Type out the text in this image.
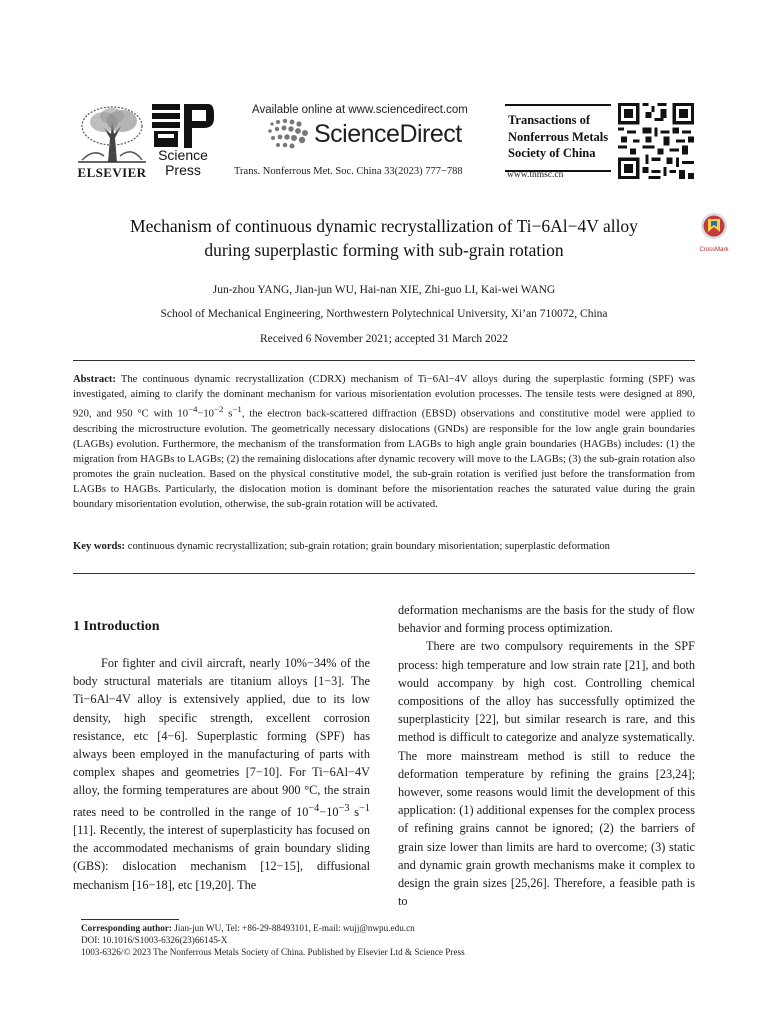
ELSEVIER
Science
Press
Available online at www.sciencedirect.com
ScienceDirect
Trans. Nonferrous Met. Soc. China 33(2023) 777−788
Transactions of
Nonferrous Metals
Society of China
www.tnmsc.cn
Mechanism of continuous dynamic recrystallization of Ti−6Al−4V alloy
during superplastic forming with sub-grain rotation	CrossMark
Jun-zhou YANG, Jian-jun WU, Hai-nan XIE, Zhi-guo LI, Kai-wei WANG
School of Mechanical Engineering, Northwestern Polytechnical University, Xi’an 710072, China
Received 6 November 2021; accepted 31 March 2022
Abstract: The continuous dynamic recrystallization (CDRX) mechanism of Ti−6Al−4V alloys during the superplastic forming (SPF) was investigated, aiming to clarify the dominant mechanism for various misorientation evolution processes. The tensile tests were designed at 890, 920, and 950 °C with $10^{-4}-10^{-2}$ $s^{-1}$, the electron back-scattered diffraction (EBSD) observations and constitutive model were applied to describing the microstructure evolution. The geometrically necessary dislocations (GNDs) are responsible for the low angle grain boundaries (LAGBs) evolution. Furthermore, the mechanism of the transformation from LAGBs to high angle grain boundaries (HAGBs) includes: (1) the migration from HAGBs to LAGBs; (2) the remaining dislocations after dynamic recovery will move to the LAGBs; (3) the sub-grain rotation also promotes the grain nucleation. Based on the physical constitutive model, the sub-grain rotation is verified just before the transformation from LAGBs to HAGBs. Particularly, the dislocation motion is dominant before the misorientation reaches the saturated value during the grain boundary misorientation evolution, otherwise, the sub-grain rotation will be activated.
Key words: continuous dynamic recrystallization; sub-grain rotation; grain boundary misorientation; superplastic deformation
1 Introduction

For fighter and civil aircraft, nearly 10%−34% of the body structural materials are titanium alloys [1−3]. The Ti−6Al−4V alloy is extensively applied, due to its low density, high specific strength, excellent corrosion resistance, etc [4−6]. Superplastic forming (SPF) has always been employed in the manufacturing of parts with complex shapes and geometries [7−10]. For Ti−6Al−4V alloy, the forming temperatures are about 900 °C, the strain rates need to be controlled in the range of $10^{-4}-10^{-3}$ $s^{-1}$ [11]. Recently, the interest of superplasticity has focused on the accommodated mechanisms of grain boundary sliding (GBS): dislocation mechanism [12−15], diffusional mechanism [16−18], etc [19,20]. The

deformation mechanisms are the basis for the study of flow behavior and forming process optimization.

There are two compulsory requirements in the SPF process: high temperature and low strain rate [21], and both would accompany by high cost. Controlling chemical compositions of the alloy has successfully optimized the superplasticity [22], but similar research is rare, and this method is difficult to categorize and analyze systematically. The more mainstream method is still to reduce the deformation temperature by refining the grains [23,24]; however, some reasons would limit the development of this application: (1) additional expenses for the complex process of refining grains cannot be ignored; (2) the barriers of grain size lower than limits are hard to overcome; (3) static and dynamic grain growth mechanisms make it complex to design the grain sizes [25,26]. Therefore, a feasible path is to

Corresponding author: Jian-jun WU, Tel: +86-29-88493101, E-mail: wujj@nwpu.edu.cn
DOI: 10.1016/S1003-6326(23)66145-X
1003-6326/© 2023 The Nonferrous Metals Society of China. Published by Elsevier Ltd & Science Press
